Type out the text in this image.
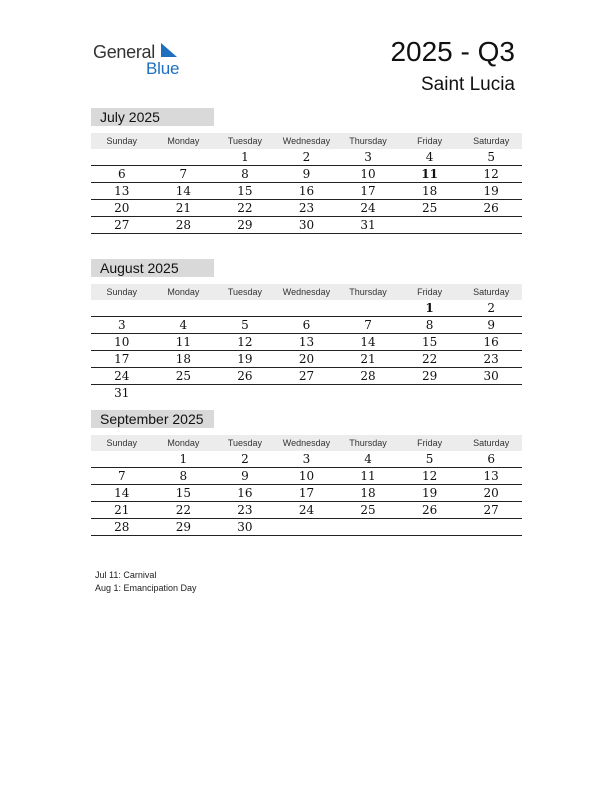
General
Blue
2025 - Q3
Saint Lucia
July 2025
Sunday	Monday	Tuesday	Wednesday	Thursday	Friday	Saturday
		1	2	3	4	5
6	7	8	9	10	11	12
13	14	15	16	17	18	19
20	21	22	23	24	25	26
27	28	29	30	31		
August 2025
Sunday	Monday	Tuesday	Wednesday	Thursday	Friday	Saturday
					1	2
3	4	5	6	7	8	9
10	11	12	13	14	15	16
17	18	19	20	21	22	23
24	25	26	27	28	29	30
31						
September 2025
Sunday	Monday	Tuesday	Wednesday	Thursday	Friday	Saturday
	1	2	3	4	5	6
7	8	9	10	11	12	13
14	15	16	17	18	19	20
21	22	23	24	25	26	27
28	29	30				
Jul 11: Carnival
Aug 1: Emancipation Day
